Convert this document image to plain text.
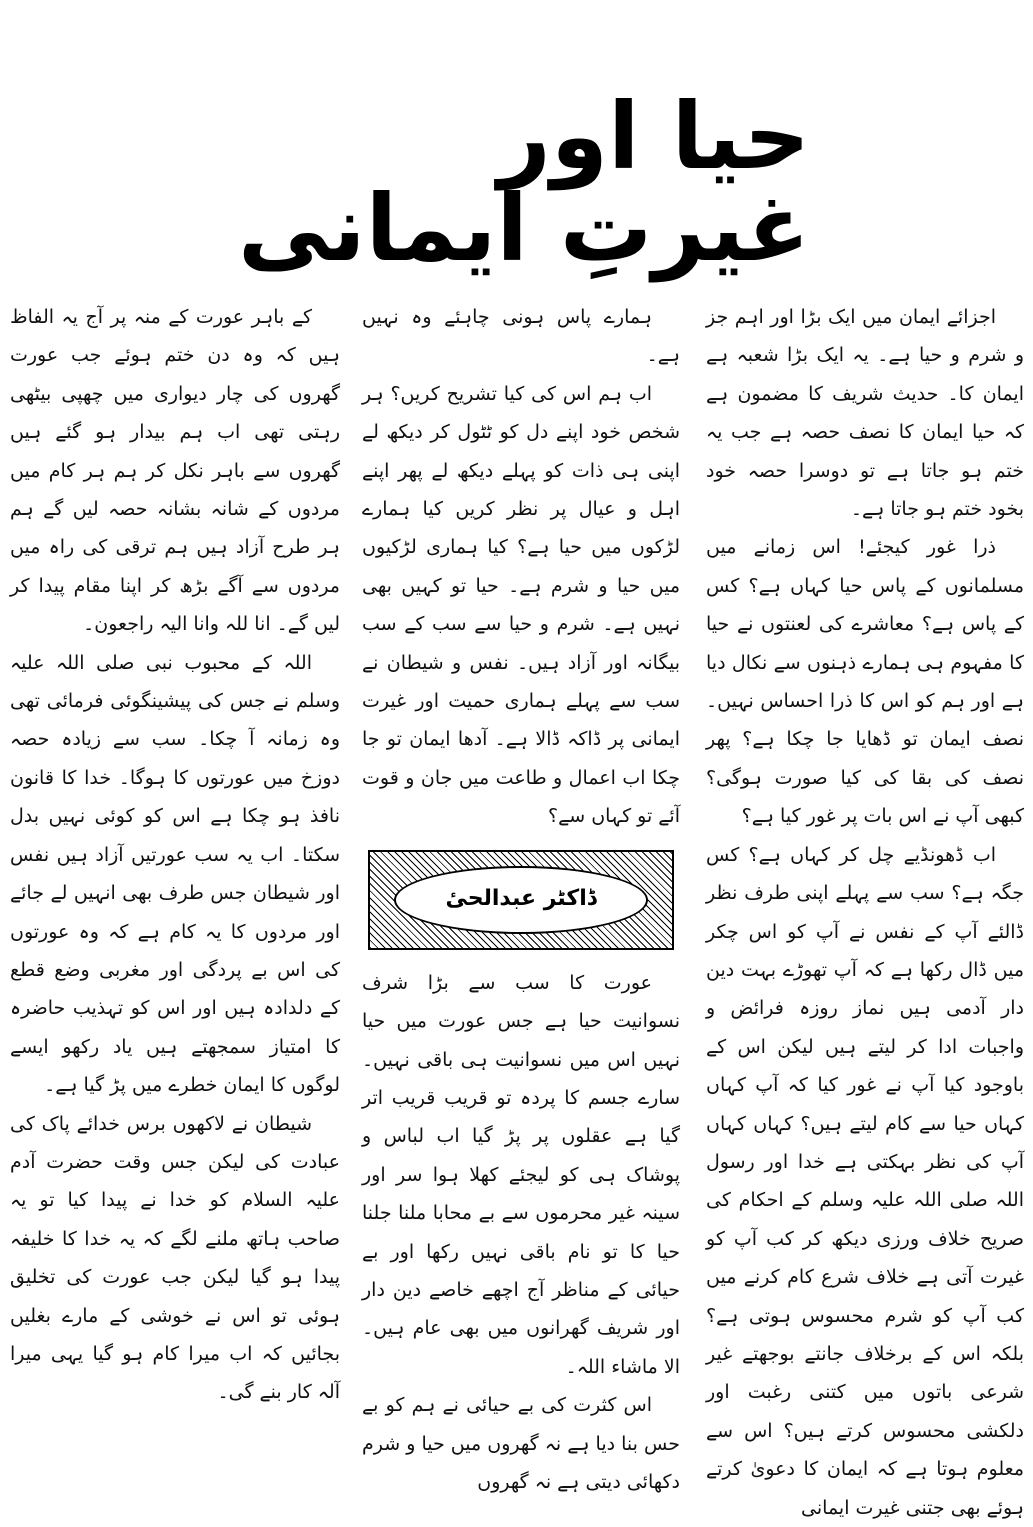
حیا اور غیرتِ ایمانی

اجزائے ایمان میں ایک بڑا اور اہم جز و شرم و حیا ہے۔ یہ ایک بڑا شعبہ ہے ایمان کا۔ حدیث شریف کا مضمون ہے کہ حیا ایمان کا نصف حصہ ہے جب یہ ختم ہو جاتا ہے تو دوسرا حصہ خود بخود ختم ہو جاتا ہے۔

ذرا غور کیجئے! اس زمانے میں مسلمانوں کے پاس حیا کہاں ہے؟ کس کے پاس ہے؟ معاشرے کی لعنتوں نے حیا کا مفہوم ہی ہمارے ذہنوں سے نکال دیا ہے اور ہم کو اس کا ذرا احساس نہیں۔ نصف ایمان تو ڈھایا جا چکا ہے؟ پھر نصف کی بقا کی کیا صورت ہوگی؟ کبھی آپ نے اس بات پر غور کیا ہے؟

اب ڈھونڈیے چل کر کہاں ہے؟ کس جگہ ہے؟ سب سے پہلے اپنی طرف نظر ڈالئے آپ کے نفس نے آپ کو اس چکر میں ڈال رکھا ہے کہ آپ تھوڑے بہت دین دار آدمی ہیں نماز روزہ فرائض و واجبات ادا کر لیتے ہیں لیکن اس کے باوجود کیا آپ نے غور کیا کہ آپ کہاں کہاں حیا سے کام لیتے ہیں؟ کہاں کہاں آپ کی نظر بہکتی ہے خدا اور رسول اللہ صلی اللہ علیہ وسلم کے احکام کی صریح خلاف ورزی دیکھ کر کب آپ کو غیرت آتی ہے خلاف شرع کام کرنے میں کب آپ کو شرم محسوس ہوتی ہے؟ بلکہ اس کے برخلاف جانتے بوجھتے غیر شرعی باتوں میں کتنی رغبت اور دلکشی محسوس کرتے ہیں؟ اس سے معلوم ہوتا ہے کہ ایمان کا دعویٰ کرتے ہوئے بھی جتنی غیرت ایمانی

ہمارے پاس ہونی چاہئے وہ نہیں ہے۔

اب ہم اس کی کیا تشریح کریں؟ ہر شخص خود اپنے دل کو ٹٹول کر دیکھ لے اپنی ہی ذات کو پہلے دیکھ لے پھر اپنے اہل و عیال پر نظر کریں کیا ہمارے لڑکوں میں حیا ہے؟ کیا ہماری لڑکیوں میں حیا و شرم ہے۔ حیا تو کہیں بھی نہیں ہے۔ شرم و حیا سے سب کے سب بیگانہ اور آزاد ہیں۔ نفس و شیطان نے سب سے پہلے ہماری حمیت اور غیرت ایمانی پر ڈاکہ ڈالا ہے۔ آدھا ایمان تو جا چکا اب اعمال و طاعت میں جان و قوت آئے تو کہاں سے؟

ڈاکٹر عبدالحیٔ

عورت کا سب سے بڑا شرف نسوانیت حیا ہے جس عورت میں حیا نہیں اس میں نسوانیت ہی باقی نہیں۔ سارے جسم کا پردہ تو قریب قریب اتر گیا ہے عقلوں پر پڑ گیا اب لباس و پوشاک ہی کو لیجئے کھلا ہوا سر اور سینہ غیر محرموں سے بے محابا ملنا جلنا حیا کا تو نام باقی نہیں رکھا اور بے حیائی کے مناظر آج اچھے خاصے دین دار اور شریف گھرانوں میں بھی عام ہیں۔ الا ماشاء اللہ۔

اس کثرت کی بے حیائی نے ہم کو بے حس بنا دیا ہے نہ گھروں میں حیا و شرم دکھائی دیتی ہے نہ گھروں

کے باہر عورت کے منہ پر آج یہ الفاظ ہیں کہ وہ دن ختم ہوئے جب عورت گھروں کی چار دیواری میں چھپی بیٹھی رہتی تھی اب ہم بیدار ہو گئے ہیں گھروں سے باہر نکل کر ہم ہر کام میں مردوں کے شانہ بشانہ حصہ لیں گے ہم ہر طرح آزاد ہیں ہم ترقی کی راہ میں مردوں سے آگے بڑھ کر اپنا مقام پیدا کر لیں گے۔ انا للہ وانا الیہ راجعون۔

اللہ کے محبوب نبی صلی اللہ علیہ وسلم نے جس کی پیشینگوئی فرمائی تھی وہ زمانہ آ چکا۔ سب سے زیادہ حصہ دوزخ میں عورتوں کا ہوگا۔ خدا کا قانون نافذ ہو چکا ہے اس کو کوئی نہیں بدل سکتا۔ اب یہ سب عورتیں آزاد ہیں نفس اور شیطان جس طرف بھی انہیں لے جائے اور مردوں کا یہ کام ہے کہ وہ عورتوں کی اس بے پردگی اور مغربی وضع قطع کے دلدادہ ہیں اور اس کو تہذیب حاضرہ کا امتیاز سمجھتے ہیں یاد رکھو ایسے لوگوں کا ایمان خطرے میں پڑ گیا ہے۔

شیطان نے لاکھوں برس خدائے پاک کی عبادت کی لیکن جس وقت حضرت آدم علیہ السلام کو خدا نے پیدا کیا تو یہ صاحب ہاتھ ملنے لگے کہ یہ خدا کا خلیفہ پیدا ہو گیا لیکن جب عورت کی تخلیق ہوئی تو اس نے خوشی کے مارے بغلیں بجائیں کہ اب میرا کام ہو گیا یہی میرا آلہ کار بنے گی۔
